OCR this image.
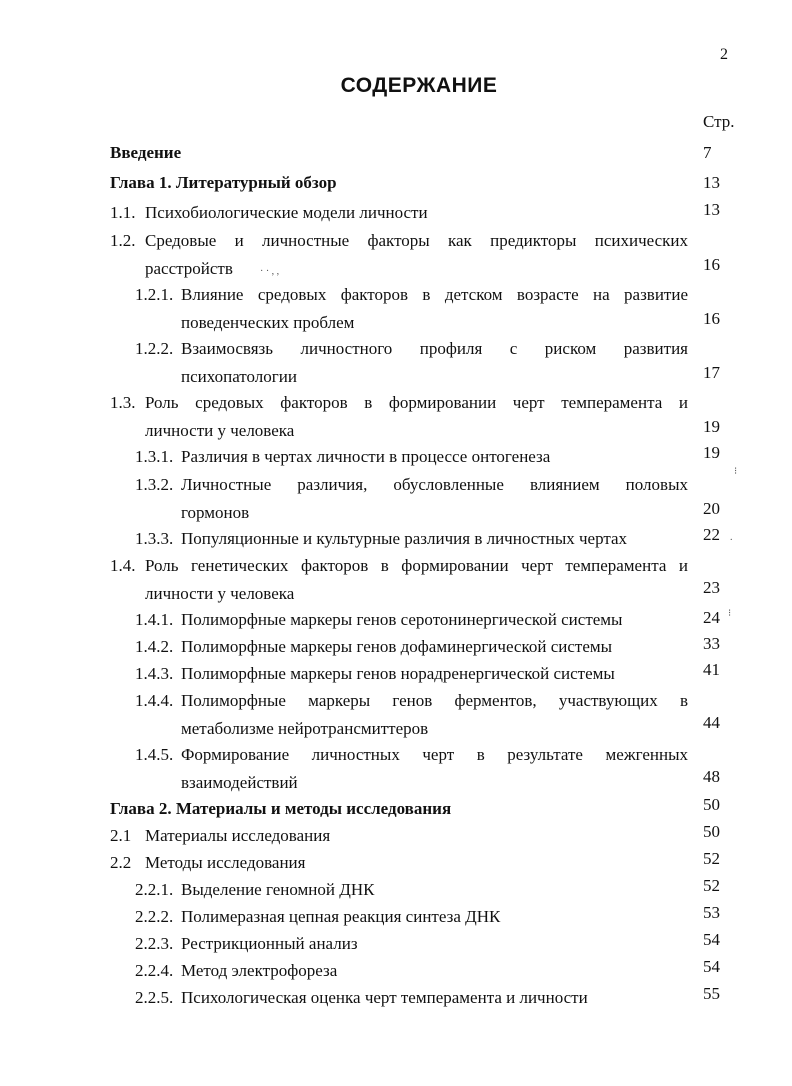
2
СОДЕРЖАНИЕ
Стр.
Введение	7
Глава 1. Литературный обзор	13
1.1. Психобиологические модели личности	13
1.2. Средовые и личностные факторы как предикторы психических
расстройств	16
· · , ,
1.2.1. Влияние средовых факторов в детском возрасте на развитие
поведенческих проблем	16
1.2.2. Взаимосвязь личностного профиля с риском развития
психопатологии	17
1.3. Роль средовых факторов в формировании черт темперамента и
личности у человека	19
1.3.1. Различия в чертах личности в процессе онтогенеза	19
⁝
1.3.2. Личностные различия, обусловленные влиянием половых
гормонов	20
1.3.3. Популяционные и культурные различия в личностных чертах	22 .
1.4. Роль генетических факторов в формировании черт темперамента и
личности у человека	23
1.4.1. Полиморфные маркеры генов серотонинергической системы	24 ⁝
1.4.2. Полиморфные маркеры генов дофаминергической системы	33
1.4.3. Полиморфные маркеры генов норадренергической системы	41
1.4.4. Полиморфные маркеры генов ферментов, участвующих в
метаболизме нейротрансмиттеров	44
1.4.5. Формирование личностных черт в результате межгенных
взаимодействий	48
Глава 2. Материалы и методы исследования	50
2.1 Материалы исследования	50
2.2 Методы исследования	52
2.2.1. Выделение геномной ДНК	52
2.2.2. Полимеразная цепная реакция синтеза ДНК	53
2.2.3. Рестрикционный анализ	54
2.2.4. Метод электрофореза	54
2.2.5. Психологическая оценка черт темперамента и личности	55
